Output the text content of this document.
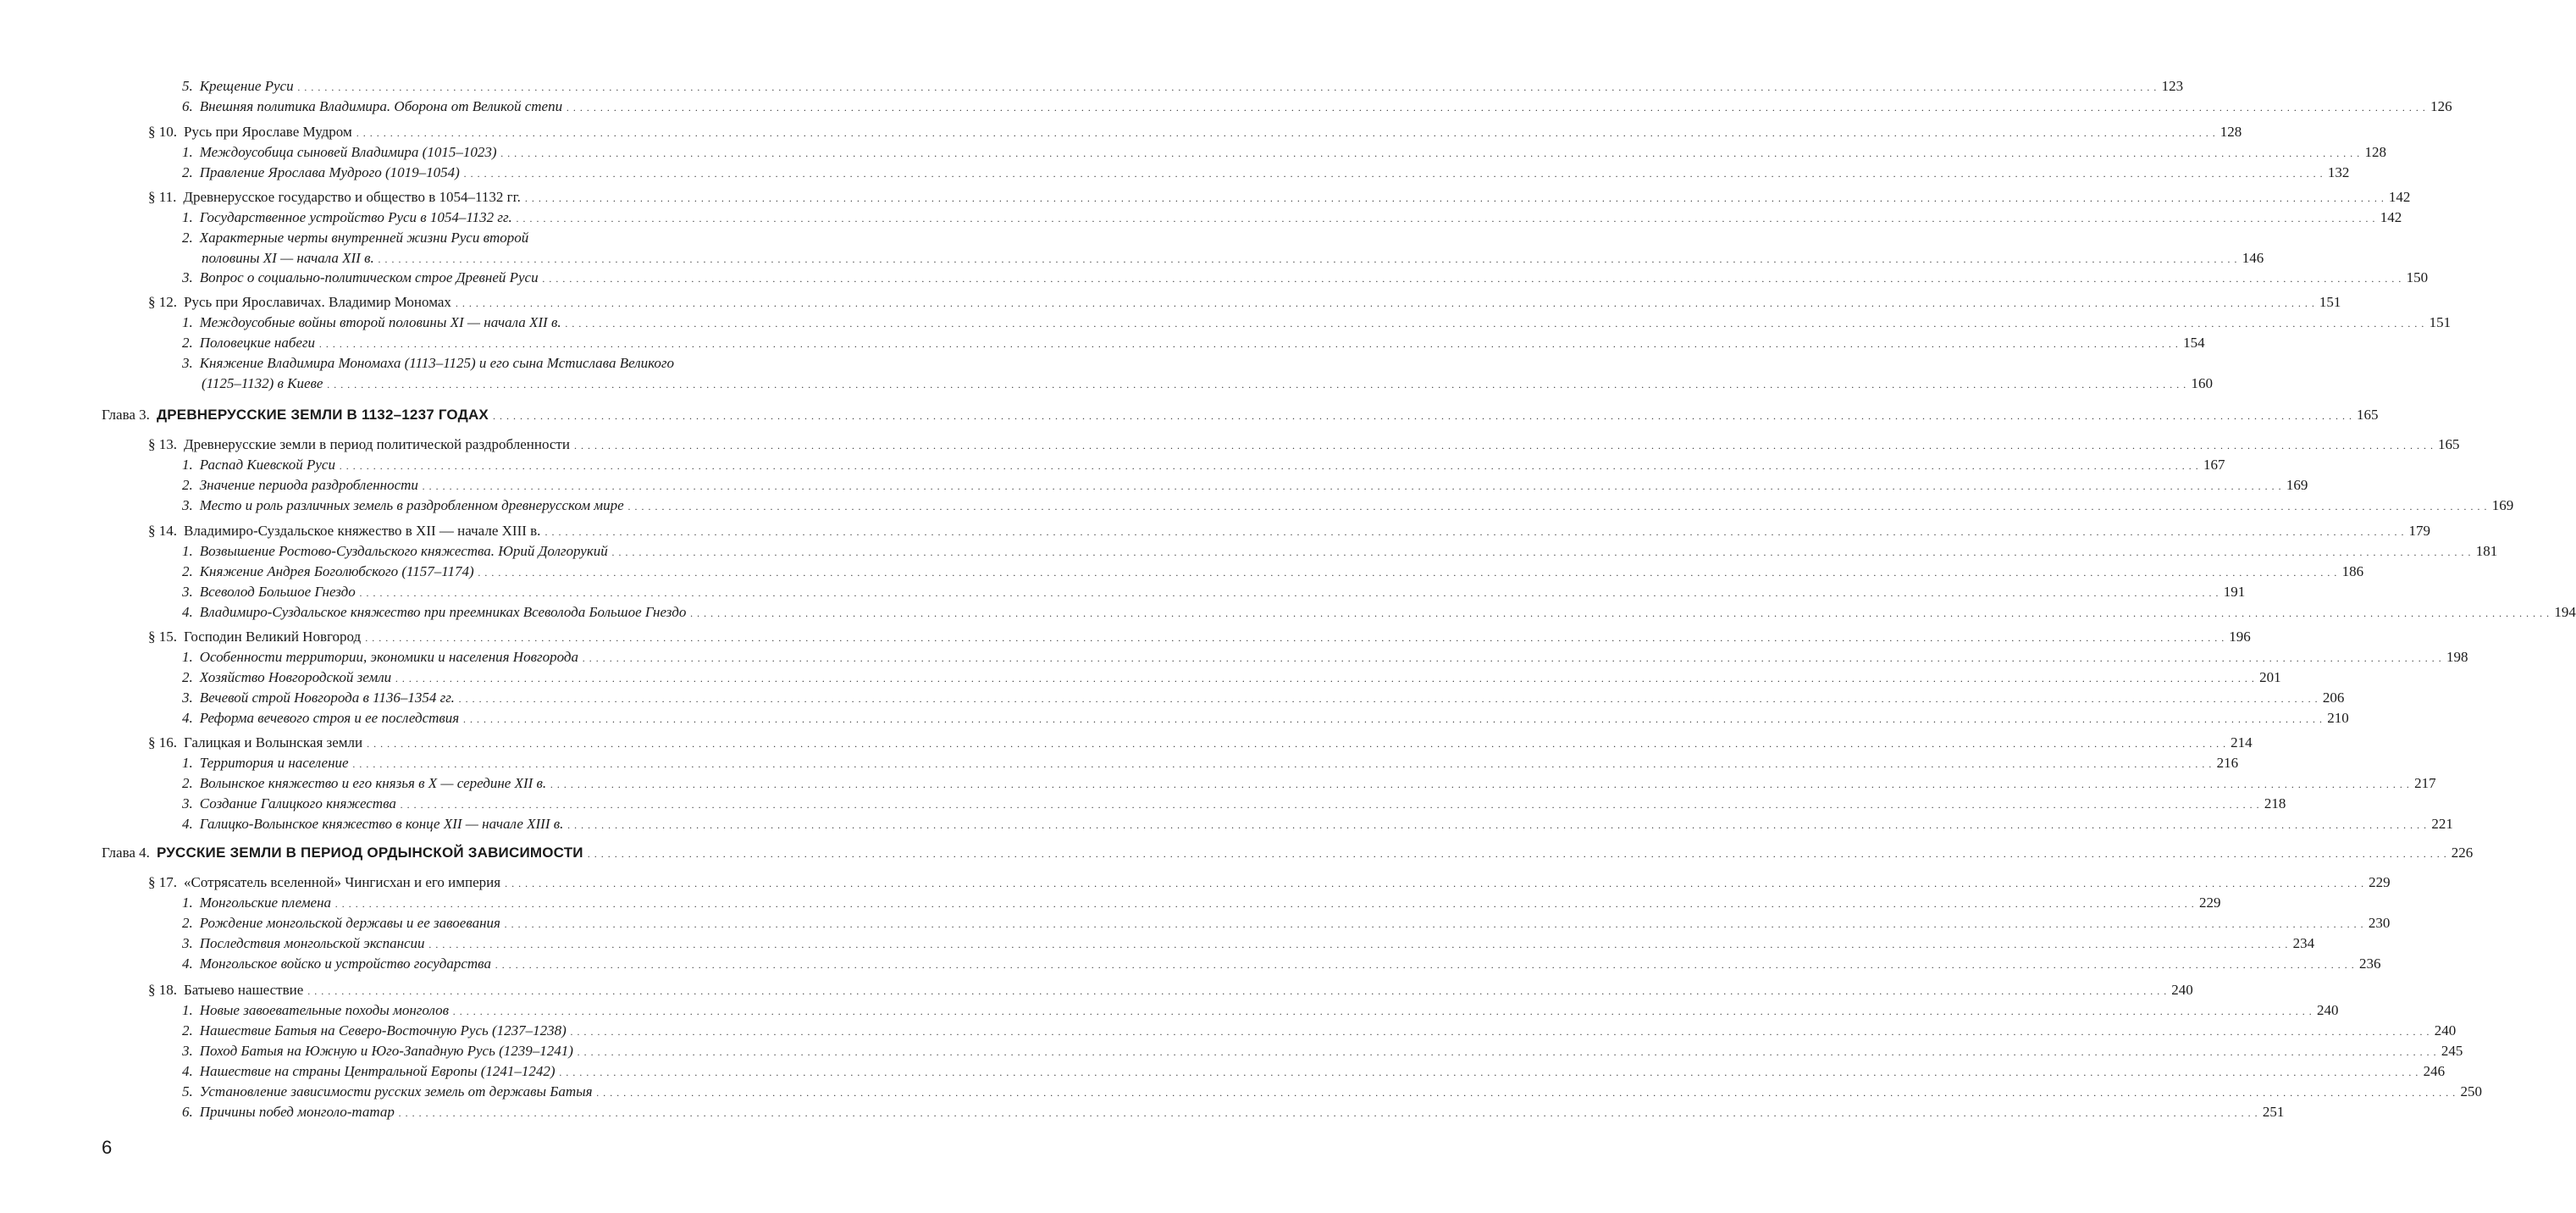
5. Крещение Руси . . .	123
6. Внешняя политика Владимира. Оборона от Великой степи . . .	126
§ 10. Русь при Ярославе Мудром . . .	128
1. Междоусобица сыновей Владимира (1015–1023) . . .	128
2. Правление Ярослава Мудрого (1019–1054) . . .	132
§ 11. Древнерусское государство и общество в 1054–1132 гг. . . .	142
1. Государственное устройство Руси в 1054–1132 гг. . . .	142
2. Характерные черты внутренней жизни Руси второй
половины XI — начала XII в. . . .	146
3. Вопрос о социально-политическом строе Древней Руси . . .	150
§ 12. Русь при Ярославичах. Владимир Мономах . . .	151
1. Междоусобные войны второй половины XI — начала XII в. . . .	151
2. Половецкие набеги . . .	154
3. Княжение Владимира Мономаха (1113–1125) и его сына Мстислава Великого
(1125–1132) в Киеве . . .	160
Глава 3. ДРЕВНЕРУССКИЕ ЗЕМЛИ В 1132–1237 ГОДАХ . . .	165
§ 13. Древнерусские земли в период политической раздробленности . . .	165
1. Распад Киевской Руси . . .	167
2. Значение периода раздробленности . . .	169
3. Место и роль различных земель в раздробленном древнерусском мире . . .	169
§ 14. Владимиро-Суздальское княжество в XII — начале XIII в. . . .	179
1. Возвышение Ростово-Суздальского княжества. Юрий Долгорукий . . .	181
2. Княжение Андрея Боголюбского (1157–1174) . . .	186
3. Всеволод Большое Гнездо . . .	191
4. Владимиро-Суздальское княжество при преемниках Всеволода Большое Гнездо . . .	194
§ 15. Господин Великий Новгород . . .	196
1. Особенности территории, экономики и населения Новгорода . . .	198
2. Хозяйство Новгородской земли . . .	201
3. Вечевой строй Новгорода в 1136–1354 гг. . . .	206
4. Реформа вечевого строя и ее последствия . . .	210
§ 16. Галицкая и Волынская земли . . .	214
1. Территория и население . . .	216
2. Волынское княжество и его князья в X — середине XII в. . . .	217
3. Создание Галицкого княжества . . .	218
4. Галицко-Волынское княжество в конце XII — начале XIII в. . . .	221
Глава 4. РУССКИЕ ЗЕМЛИ В ПЕРИОД ОРДЫНСКОЙ ЗАВИСИМОСТИ . . .	226
§ 17. «Сотрясатель вселенной» Чингисхан и его империя . . .	229
1. Монгольские племена . . .	229
2. Рождение монгольской державы и ее завоевания . . .	230
3. Последствия монгольской экспансии . . .	234
4. Монгольское войско и устройство государства . . .	236
§ 18. Батыево нашествие . . .	240
1. Новые завоевательные походы монголов . . .	240
2. Нашествие Батыя на Северо-Восточную Русь (1237–1238) . . .	240
3. Поход Батыя на Южную и Юго-Западную Русь (1239–1241) . . .	245
4. Нашествие на страны Центральной Европы (1241–1242) . . .	246
5. Установление зависимости русских земель от державы Батыя . . .	250
6. Причины побед монголо-татар . . .	251
6
